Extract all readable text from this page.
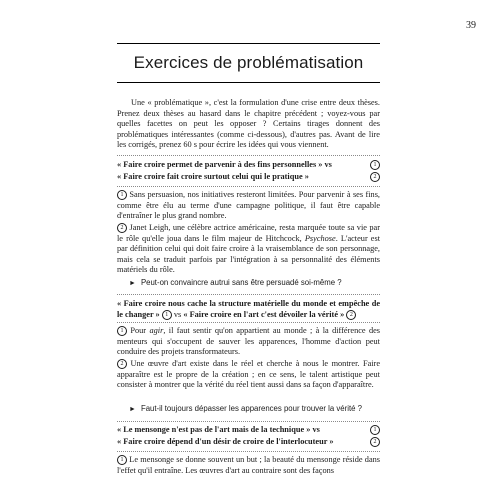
39
Exercices de problématisation

Une « problématique », c'est la formulation d'une crise entre deux thèses. Prenez deux thèses au hasard dans le chapitre précédent ; voyez-vous par quelles facettes on peut les opposer ? Certains tirages donnent des problématiques intéressantes (comme ci-dessous), d'autres pas. Avant de lire les corrigés, prenez 60 s pour écrire les idées qui vous viennent.

« Faire croire permet de parvenir à des fins personnelles » vs	1
« Faire croire fait croire surtout celui qui le pratique »	2

1 Sans persuasion, nos initiatives resteront limitées. Pour parvenir à ses fins, comme être élu au terme d'une campagne politique, il faut être capable d'entraîner le plus grand nombre.

2 Janet Leigh, une célèbre actrice américaine, resta marquée toute sa vie par le rôle qu'elle joua dans le film majeur de Hitchcock, Psychose. L'acteur est par définition celui qui doit faire croire à la vraisemblance de son personnage, mais cela se traduit parfois par l'intégration à sa personnalité des éléments matériels du rôle.

► Peut-on convaincre autrui sans être persuadé soi-même ?

« Faire croire nous cache la structure matérielle du monde et empêche de le changer » 1 vs « Faire croire en l'art c'est dévoiler la vérité » 2

1 Pour agir, il faut sentir qu'on appartient au monde ; à la différence des menteurs qui s'occupent de sauver les apparences, l'homme d'action peut conduire des projets transformateurs.

2 Une œuvre d'art existe dans le réel et cherche à nous le montrer. Faire apparaître est le propre de la création ; en ce sens, le talent artistique peut consister à montrer que la vérité du réel tient aussi dans sa façon d'apparaître.

► Faut-il toujours dépasser les apparences pour trouver la vérité ?
« Le mensonge n'est pas de l'art mais de la technique » vs	1
« Faire croire dépend d'un désir de croire de l'interlocuteur »	2

1 Le mensonge se donne souvent un but ; la beauté du mensonge réside dans l'effet qu'il entraîne. Les œuvres d'art au contraire sont des façons
